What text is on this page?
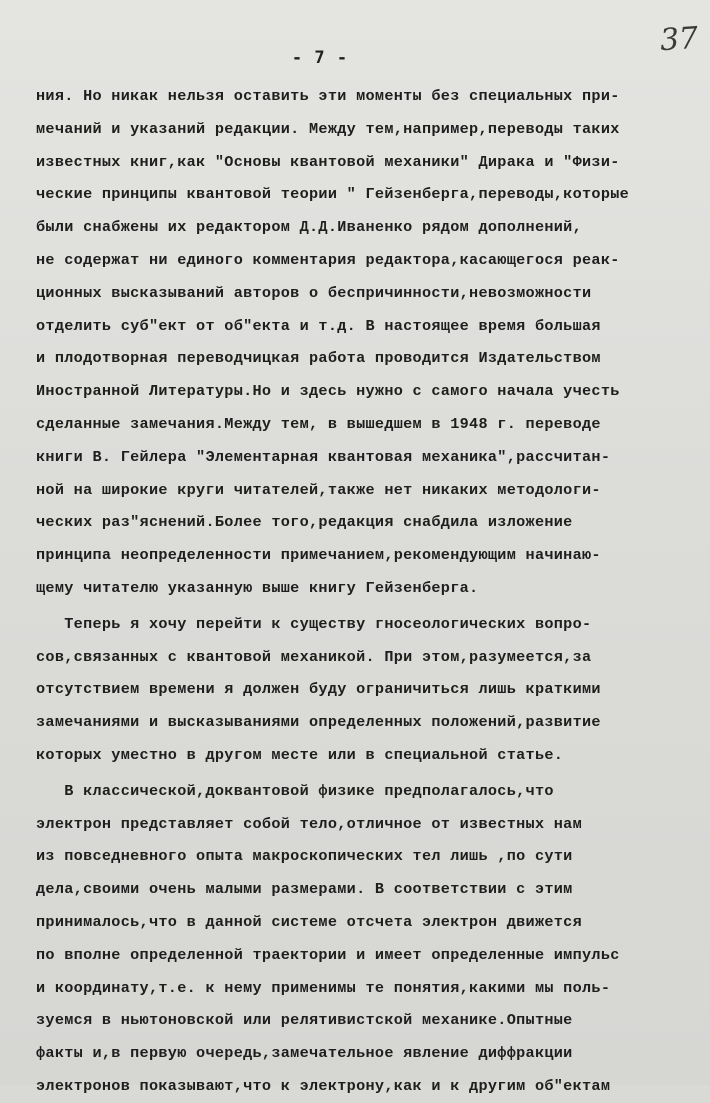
- 7 -	37
ния. Но никак нельзя оставить эти моменты без специальных при-
мечаний и указаний редакции. Между тем,например,переводы таких
известных книг,как "Основы квантовой механики" Дирака и "Физи-
ческие принципы квантовой теории " Гейзенберга,переводы,которые
были снабжены их редактором Д.Д.Иваненко рядом дополнений,
не содержат ни единого комментария редактора,касающегося реак-
ционных высказываний авторов о беспричинности,невозможности
отделить суб"ект от об"екта и т.д. В настоящее время большая
и плодотворная переводчицкая работа проводится Издательством
Иностранной Литературы.Но и здесь нужно с самого начала учесть
сделанные замечания.Между тем, в вышедшем в 1948 г. переводе
книги В. Гейлера "Элементарная квантовая механика",рассчитан-
ной на широкие круги читателей,также нет никаких методологи-
ческих раз"яснений.Более того,редакция снабдила изложение
принципа неопределенности примечанием,рекомендующим начинаю-
щему читателю указанную выше книгу Гейзенберга.
Теперь я хочу перейти к существу гносеологических вопро-
сов,связанных с квантовой механикой. При этом,разумеется,за
отсутствием времени я должен буду ограничиться лишь краткими
замечаниями и высказываниями определенных положений,развитие
которых уместно в другом месте или в специальной статье.
В классической,доквантовой физике предполагалось,что
электрон представляет собой тело,отличное от известных нам
из повседневного опыта макроскопических тел лишь ,по сути
дела,своими очень малыми размерами. В соответствии с этим
принималось,что в данной системе отсчета электрон движется
по вполне определенной траектории и имеет определенные импульс
и координату,т.е. к нему применимы те понятия,какими мы поль-
зуемся в ньютоновской или релятивистской механике.Опытные
факты и,в первую очередь,замечательное явление диффракции
электронов показывают,что к электрону,как и к другим об"ектам
